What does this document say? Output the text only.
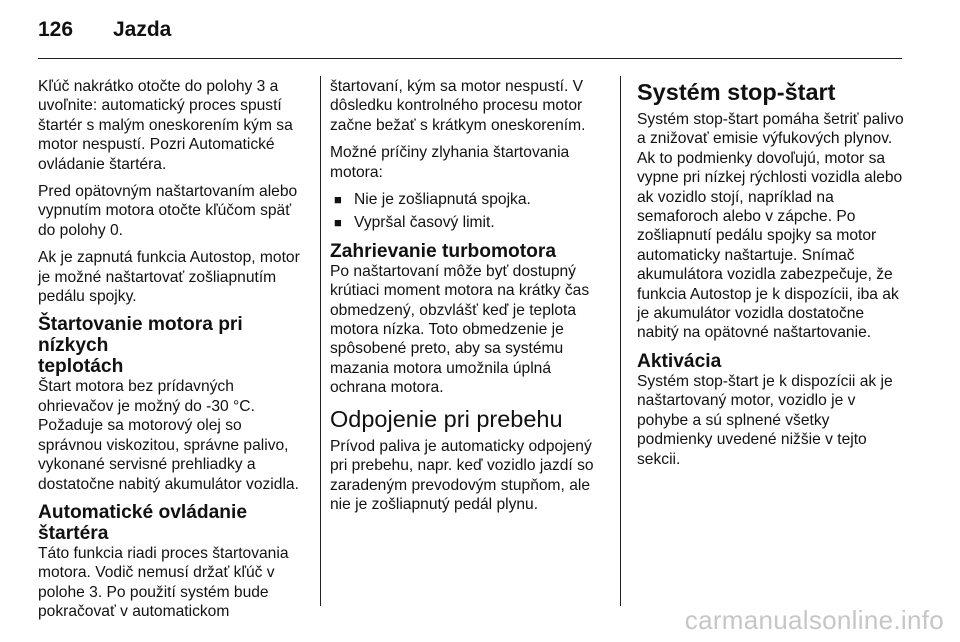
126 Jazda

Kľúč nakrátko otočte do polohy 3 a uvoľnite: automatický proces spustí štartér s malým oneskorením kým sa motor nespustí. Pozri Automatické ovládanie štartéra.

Pred opätovným naštartovaním alebo vypnutím motora otočte kľúčom späť do polohy 0.

Ak je zapnutá funkcia Autostop, motor je možné naštartovať zošliapnutím pedálu spojky.

Štartovanie motora pri nízkych
teplotách

Štart motora bez prídavných ohrievačov je možný do -30 °C. Požaduje sa motorový olej so správnou viskozitou, správne palivo, vykonané servisné prehliadky a dostatočne nabitý akumulátor vozidla.

Automatické ovládanie štartéra

Táto funkcia riadi proces štartovania motora. Vodič nemusí držať kľúč v polohe 3. Po použití systém bude pokračovať v automatickom

štartovaní, kým sa motor nespustí. V dôsledku kontrolného procesu motor začne bežať s krátkym oneskorením.

Možné príčiny zlyhania štartovania motora:

■ Nie je zošliapnutá spojka.
■ Vypršal časový limit.
Zahrievanie turbomotora

Po naštartovaní môže byť dostupný krútiaci moment motora na krátky čas obmedzený, obzvlášť keď je teplota motora nízka. Toto obmedzenie je spôsobené preto, aby sa systému mazania motora umožnila úplná ochrana motora.

Odpojenie pri prebehu

Prívod paliva je automaticky odpojený pri prebehu, napr. keď vozidlo jazdí so zaradeným prevodovým stupňom, ale nie je zošliapnutý pedál plynu.

Systém stop-štart

Systém stop-štart pomáha šetriť palivo a znižovať emisie výfukových plynov. Ak to podmienky dovoľujú, motor sa vypne pri nízkej rýchlosti vozidla alebo ak vozidlo stojí, napríklad na semaforoch alebo v zápche. Po zošliapnutí pedálu spojky sa motor automaticky naštartuje. Snímač akumulátora vozidla zabezpečuje, že funkcia Autostop je k dispozícii, iba ak je akumulátor vozidla dostatočne nabitý na opätovné naštartovanie.

Aktivácia

Systém stop-štart je k dispozícii ak je naštartovaný motor, vozidlo je v pohybe a sú splnené všetky podmienky uvedené nižšie v tejto sekcii.

carmanualsonline.info
